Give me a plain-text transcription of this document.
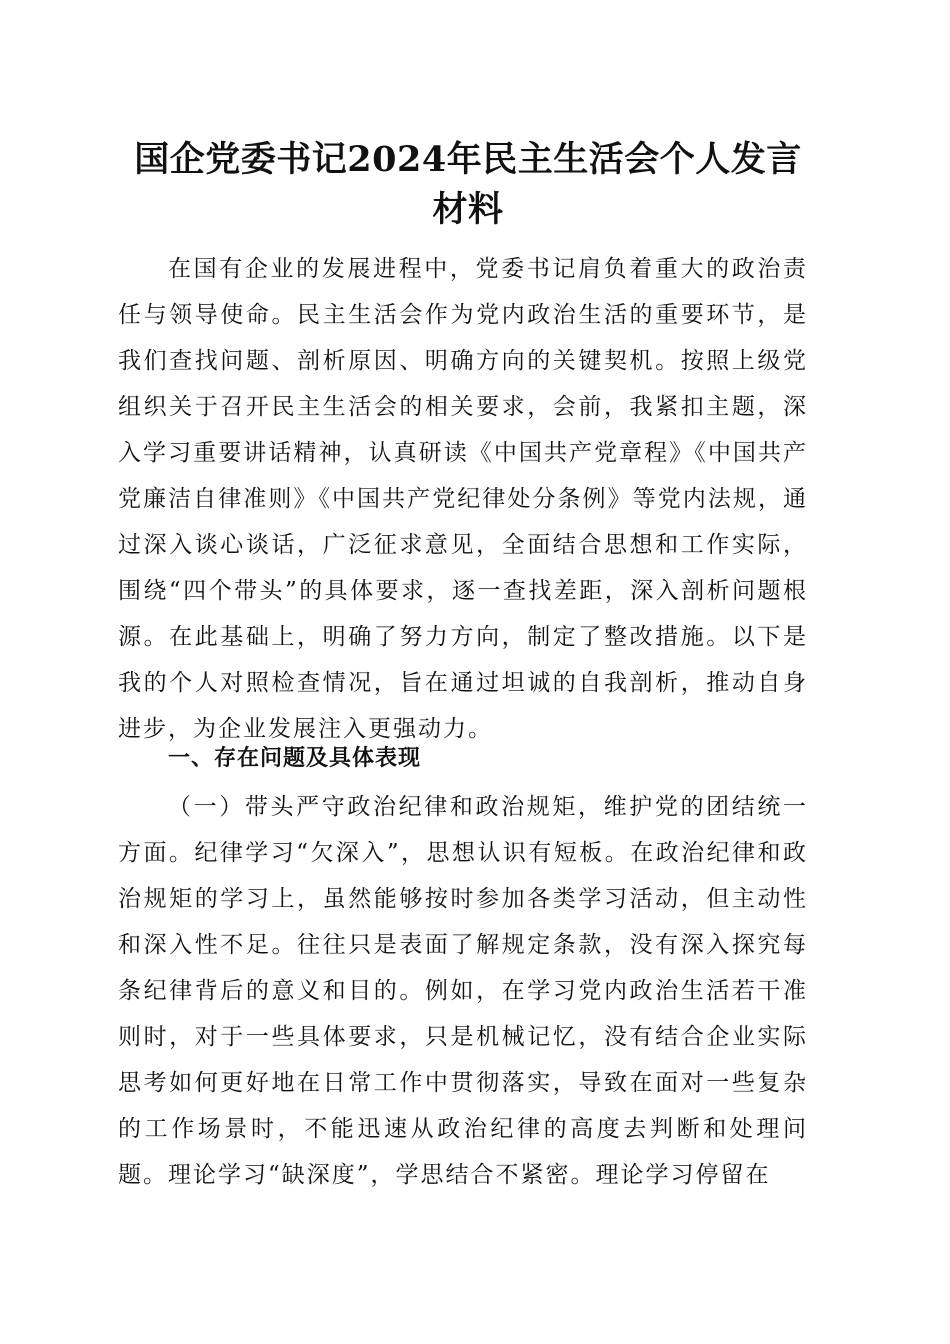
国企党委书记2024年民主生活会个人发言材料

在国有企业的发展进程中，党委书记肩负着重大的政治责任与领导使命。民主生活会作为党内政治生活的重要环节，是我们查找问题、剖析原因、明确方向的关键契机。按照上级党组织关于召开民主生活会的相关要求，会前，我紧扣主题，深入学习重要讲话精神，认真研读《中国共产党章程》《中国共产党廉洁自律准则》《中国共产党纪律处分条例》等党内法规，通过深入谈心谈话，广泛征求意见，全面结合思想和工作实际，围绕“四个带头”的具体要求，逐一查找差距，深入剖析问题根源。在此基础上，明确了努力方向，制定了整改措施。以下是我的个人对照检查情况，旨在通过坦诚的自我剖析，推动自身进步，为企业发展注入更强动力。

一、存在问题及具体表现

（一）带头严守政治纪律和政治规矩，维护党的团结统一方面。纪律学习“欠深入”，思想认识有短板。在政治纪律和政治规矩的学习上，虽然能够按时参加各类学习活动，但主动性和深入性不足。往往只是表面了解规定条款，没有深入探究每条纪律背后的意义和目的。例如，在学习党内政治生活若干准则时，对于一些具体要求，只是机械记忆，没有结合企业实际思考如何更好地在日常工作中贯彻落实，导致在面对一些复杂的工作场景时，不能迅速从政治纪律的高度去判断和处理问题。理论学习“缺深度”，学思结合不紧密。理论学习停留在
